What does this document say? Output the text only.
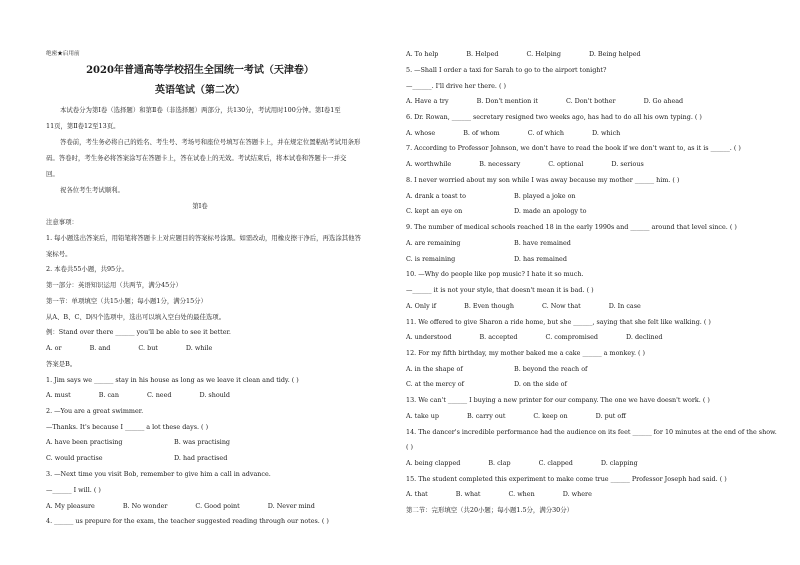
绝密★启用前
2020年普通高等学校招生全国统一考试（天津卷）
英语笔试（第二次）
本试卷分为第Ⅰ卷（选择题）和第Ⅱ卷（非选择题）两部分，共130分，考试用时100分钟。第Ⅰ卷1至
11页，第Ⅱ卷12至13页。
答卷前，考生务必将自己的姓名、考生号、考场号和座位号填写在答题卡上，并在规定位置粘贴考试用条形
码。答卷时，考生务必将答案涂写在答题卡上，答在试卷上的无效。考试结束后，将本试卷和答题卡一并交
回。
祝各位考生考试顺利。
第Ⅰ卷
注意事项：
1. 每小题选出答案后，用铅笔将答题卡上对应题目的答案标号涂黑。如需改动，用橡皮擦干净后，再选涂其他答
案标号。
2. 本卷共55小题，共95分。
第一部分：英语知识运用（共两节，满分45分）
第一节：单项填空（共15小题；每小题1分，满分15分）
从A、B、C、D四个选项中，选出可以填入空白处的最佳选项。
例：Stand over there ______ you'll be able to see it better.
A. or	B. and	C. but	D. while
答案是B。
1. Jim says we ______ stay in his house as long as we leave it clean and tidy. ( )
A. must	B. can	C. need	D. should
2. —You are a great swimmer.
—Thanks. It's because I ______ a lot these days. ( )
A. have been practising	B. was practising
C. would practise	D. had practised
3. —Next time you visit Bob, remember to give him a call in advance.
—______ I will. ( )
A. My pleasure	B. No wonder	C. Good point	D. Never mind
4. ______ us prepure for the exam, the teacher suggested reading through our notes. ( )
A. To help	B. Helped	C. Helping	D. Being helped
5. —Shall I order a taxi for Sarah to go to the airport tonight?
—______. I'll drive her there. ( )
A. Have a try	B. Don't mention it	C. Don't bother	D. Go ahead
6. Dr. Rowan, ______ secretary resigned two weeks ago, has had to do all his own typing. ( )
A. whose	B. of whom	C. of which	D. which
7. According to Professor Johnson, we don't have to read the book if we don't want to, as it is ______. ( )
A. worthwhile	B. necessary	C. optional	D. serious
8. I never worried about my son while I was away because my mother ______ him. ( )
A. drank a toast to	B. played a joke on
C. kept an eye on	D. made an apology to
9. The number of medical schools reached 18 in the early 1990s and ______ around that level since. ( )
A. are remaining	B. have remained
C. is remaining	D. has remained
10. —Why do people like pop music? I hate it so much.
—______ it is not your style, that doesn't mean it is bad. ( )
A. Only if	B. Even though	C. Now that	D. In case
11. We offered to give Sharon a ride home, but she ______, saying that she felt like walking. ( )
A. understood	B. accepted	C. compromised	D. declined
12. For my fifth birthday, my mother baked me a cake ______ a monkey. ( )
A. in the shape of	B. beyond the reach of
C. at the mercy of	D. on the side of
13. We can't ______ I buying a new printer for our company. The one we have doesn't work. ( )
A. take up	B. carry out	C. keep on	D. put off
14. The dancer's incredible performance had the audience on its feet ______ for 10 minutes at the end of the show.
( )
A. being clapped	B. clap	C. clapped	D. clapping
15. The student completed this experiment to make come true ______ Professor Joseph had said. ( )
A. that	B. what	C. when	D. where
第二节：完形填空（共20小题；每小题1.5分，满分30分）
